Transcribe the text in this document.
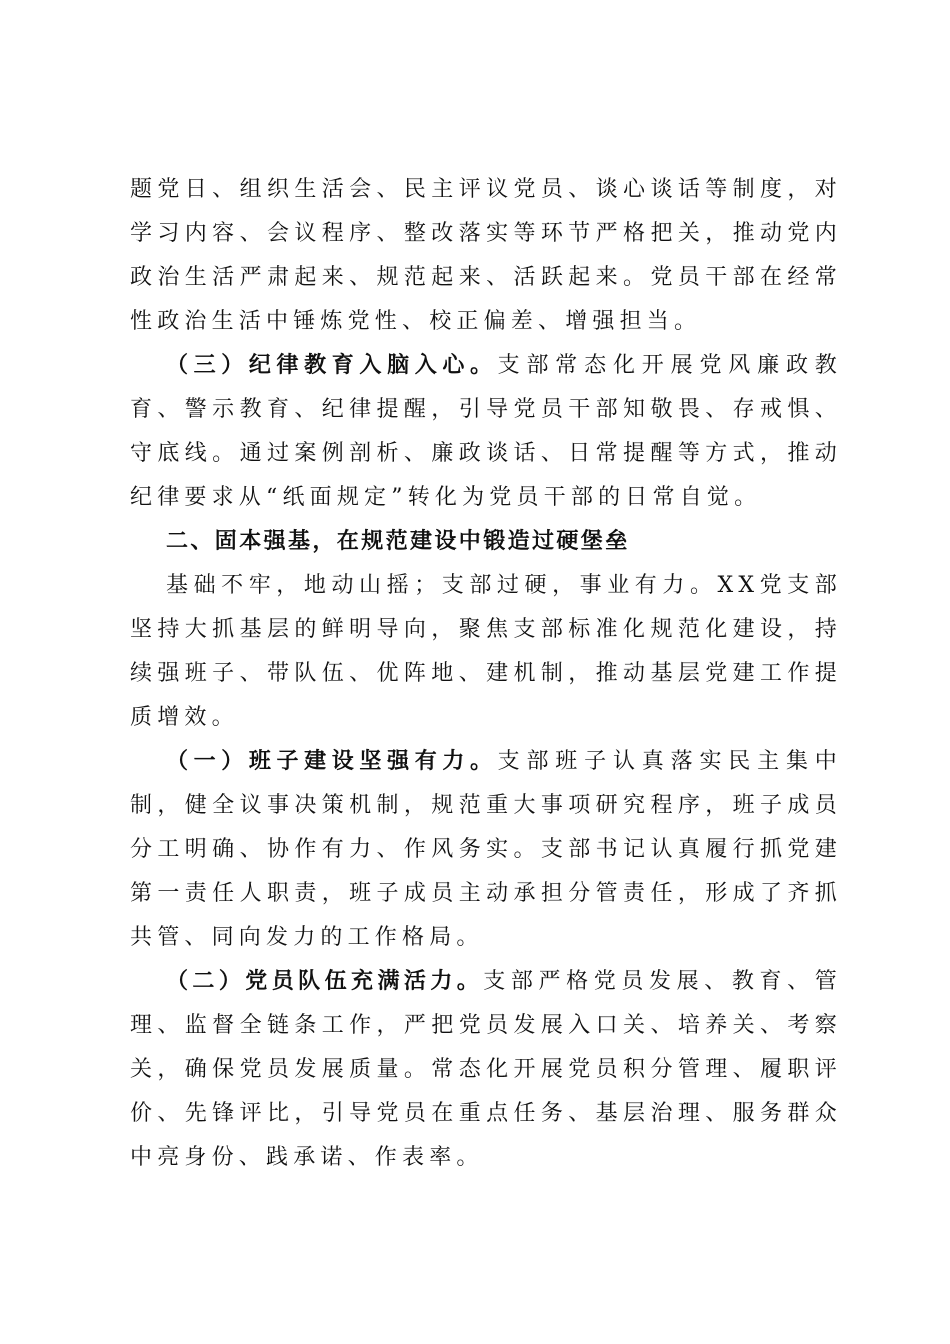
题党日、组织生活会、民主评议党员、谈心谈话等制度，对学习内容、会议程序、整改落实等环节严格把关，推动党内政治生活严肃起来、规范起来、活跃起来。党员干部在经常性政治生活中锤炼党性、校正偏差、增强担当。

（三）纪律教育入脑入心。支部常态化开展党风廉政教育、警示教育、纪律提醒，引导党员干部知敬畏、存戒惧、守底线。通过案例剖析、廉政谈话、日常提醒等方式，推动纪律要求从“纸面规定”转化为党员干部的日常自觉。

二、固本强基，在规范建设中锻造过硬堡垒

基础不牢，地动山摇；支部过硬，事业有力。XX党支部坚持大抓基层的鲜明导向，聚焦支部标准化规范化建设，持续强班子、带队伍、优阵地、建机制，推动基层党建工作提质增效。

（一）班子建设坚强有力。支部班子认真落实民主集中制，健全议事决策机制，规范重大事项研究程序，班子成员分工明确、协作有力、作风务实。支部书记认真履行抓党建第一责任人职责，班子成员主动承担分管责任，形成了齐抓共管、同向发力的工作格局。

（二）党员队伍充满活力。支部严格党员发展、教育、管理、监督全链条工作，严把党员发展入口关、培养关、考察关，确保党员发展质量。常态化开展党员积分管理、履职评价、先锋评比，引导党员在重点任务、基层治理、服务群众中亮身份、践承诺、作表率。
